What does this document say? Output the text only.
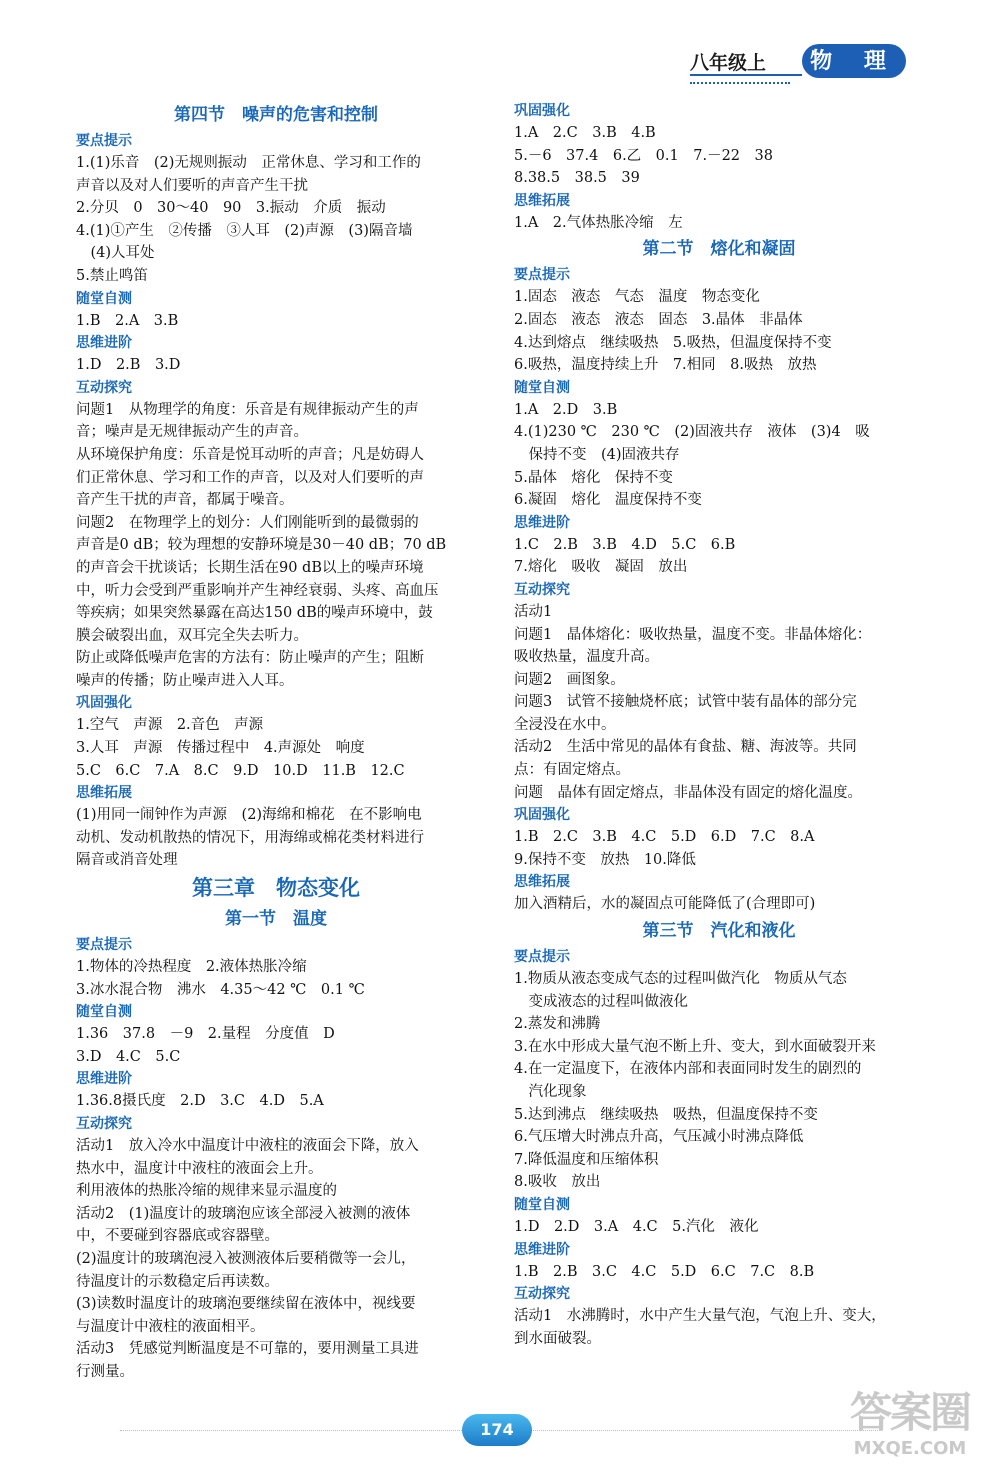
八年级上	物 理
第四节　噪声的危害和控制
要点提示
1.(1)乐音　(2)无规则振动　正常休息、学习和工作的
声音以及对人们要听的声音产生干扰
2.分贝　0　30～40　90　3.振动　介质　振动
4.(1)①产生　②传播　③人耳　(2)声源　(3)隔音墙
　(4)人耳处
5.禁止鸣笛
随堂自测
1.B　2.A　3.B
思维进阶
1.D　2.B　3.D
互动探究
问题1　从物理学的角度：乐音是有规律振动产生的声
音；噪声是无规律振动产生的声音。
从环境保护角度：乐音是悦耳动听的声音；凡是妨碍人
们正常休息、学习和工作的声音，以及对人们要听的声
音产生干扰的声音，都属于噪音。
问题2　在物理学上的划分：人们刚能听到的最微弱的
声音是0 dB；较为理想的安静环境是30－40 dB；70 dB
的声音会干扰谈话；长期生活在90 dB以上的噪声环境
中，听力会受到严重影响并产生神经衰弱、头疼、高血压
等疾病；如果突然暴露在高达150 dB的噪声环境中，鼓
膜会破裂出血，双耳完全失去听力。
防止或降低噪声危害的方法有：防止噪声的产生；阻断
噪声的传播；防止噪声进入人耳。
巩固强化
1.空气　声源　2.音色　声源
3.人耳　声源　传播过程中　4.声源处　响度
5.C　6.C　7.A　8.C　9.D　10.D　11.B　12.C
思维拓展
(1)用同一闹钟作为声源　(2)海绵和棉花　在不影响电
动机、发动机散热的情况下，用海绵或棉花类材料进行
隔音或消音处理
第三章　物态变化
第一节　温度
要点提示
1.物体的冷热程度　2.液体热胀冷缩
3.冰水混合物　沸水　4.35～42 ℃　0.1 ℃
随堂自测
1.36　37.8　－9　2.量程　分度值　D
3.D　4.C　5.C
思维进阶
1.36.8摄氏度　2.D　3.C　4.D　5.A
互动探究
活动1　放入冷水中温度计中液柱的液面会下降，放入
热水中，温度计中液柱的液面会上升。
利用液体的热胀冷缩的规律来显示温度的
活动2　(1)温度计的玻璃泡应该全部浸入被测的液体
中，不要碰到容器底或容器壁。
(2)温度计的玻璃泡浸入被测液体后要稍微等一会儿，
待温度计的示数稳定后再读数。
(3)读数时温度计的玻璃泡要继续留在液体中，视线要
与温度计中液柱的液面相平。
活动3　凭感觉判断温度是不可靠的，要用测量工具进
行测量。
巩固强化
1.A　2.C　3.B　4.B
5.－6　37.4　6.乙　0.1　7.－22　38
8.38.5　38.5　39
思维拓展
1.A　2.气体热胀冷缩　左
第二节　熔化和凝固
要点提示
1.固态　液态　气态　温度　物态变化
2.固态　液态　液态　固态　3.晶体　非晶体
4.达到熔点　继续吸热　5.吸热，但温度保持不变
6.吸热，温度持续上升　7.相同　8.吸热　放热
随堂自测
1.A　2.D　3.B
4.(1)230 ℃　230 ℃　(2)固液共存　液体　(3)4　吸
　保持不变　(4)固液共存
5.晶体　熔化　保持不变
6.凝固　熔化　温度保持不变
思维进阶
1.C　2.B　3.B　4.D　5.C　6.B
7.熔化　吸收　凝固　放出
互动探究
活动1
问题1　晶体熔化：吸收热量，温度不变。非晶体熔化：
吸收热量，温度升高。
问题2　画图象。
问题3　试管不接触烧杯底；试管中装有晶体的部分完
全浸没在水中。
活动2　生活中常见的晶体有食盐、糖、海波等。共同
点：有固定熔点。
问题　晶体有固定熔点，非晶体没有固定的熔化温度。
巩固强化
1.B　2.C　3.B　4.C　5.D　6.D　7.C　8.A
9.保持不变　放热　10.降低
思维拓展
加入酒精后，水的凝固点可能降低了(合理即可)
第三节　汽化和液化
要点提示
1.物质从液态变成气态的过程叫做汽化　物质从气态
　变成液态的过程叫做液化
2.蒸发和沸腾
3.在水中形成大量气泡不断上升、变大，到水面破裂开来
4.在一定温度下，在液体内部和表面同时发生的剧烈的
　汽化现象
5.达到沸点　继续吸热　吸热，但温度保持不变
6.气压增大时沸点升高，气压减小时沸点降低
7.降低温度和压缩体积
8.吸收　放出
随堂自测
1.D　2.D　3.A　4.C　5.汽化　液化
思维进阶
1.B　2.B　3.C　4.C　5.D　6.C　7.C　8.B
互动探究
活动1　水沸腾时，水中产生大量气泡，气泡上升、变大，
到水面破裂。
174	答案圈
MXQE.COM
